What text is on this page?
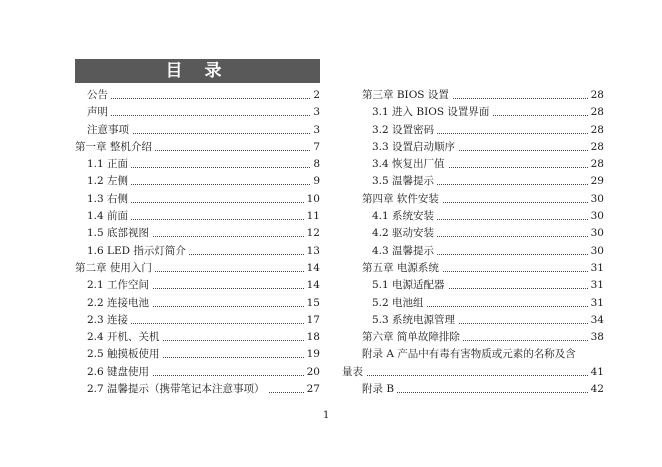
目 录
公告	2
声明	3
注意事项	3
第一章 整机介绍	7
1.1 正面	8
1.2 左侧	9
1.3 右侧	10
1.4 前面	11
1.5 底部视图	12
1.6 LED 指示灯简介	13
第二章 使用入门	14
2.1 工作空间	14
2.2 连接电池	15
2.3 连接	17
2.4 开机、关机	18
2.5 触摸板使用	19
2.6 键盘使用	20
2.7 温馨提示（携带笔记本注意事项）	27
第三章 BIOS 设置	28
3.1 进入 BIOS 设置界面	28
3.2 设置密码	28
3.3 设置启动顺序	28
3.4 恢复出厂值	28
3.5 温馨提示	29
第四章 软件安装	30
4.1 系统安装	30
4.2 驱动安装	30
4.3 温馨提示	30
第五章 电源系统	31
5.1 电源适配器	31
5.2 电池组	31
5.3 系统电源管理	34
第六章 简单故障排除	38
附录 A 产品中有毒有害物质或元素的名称及含
量表	41
附录 B	42
1
